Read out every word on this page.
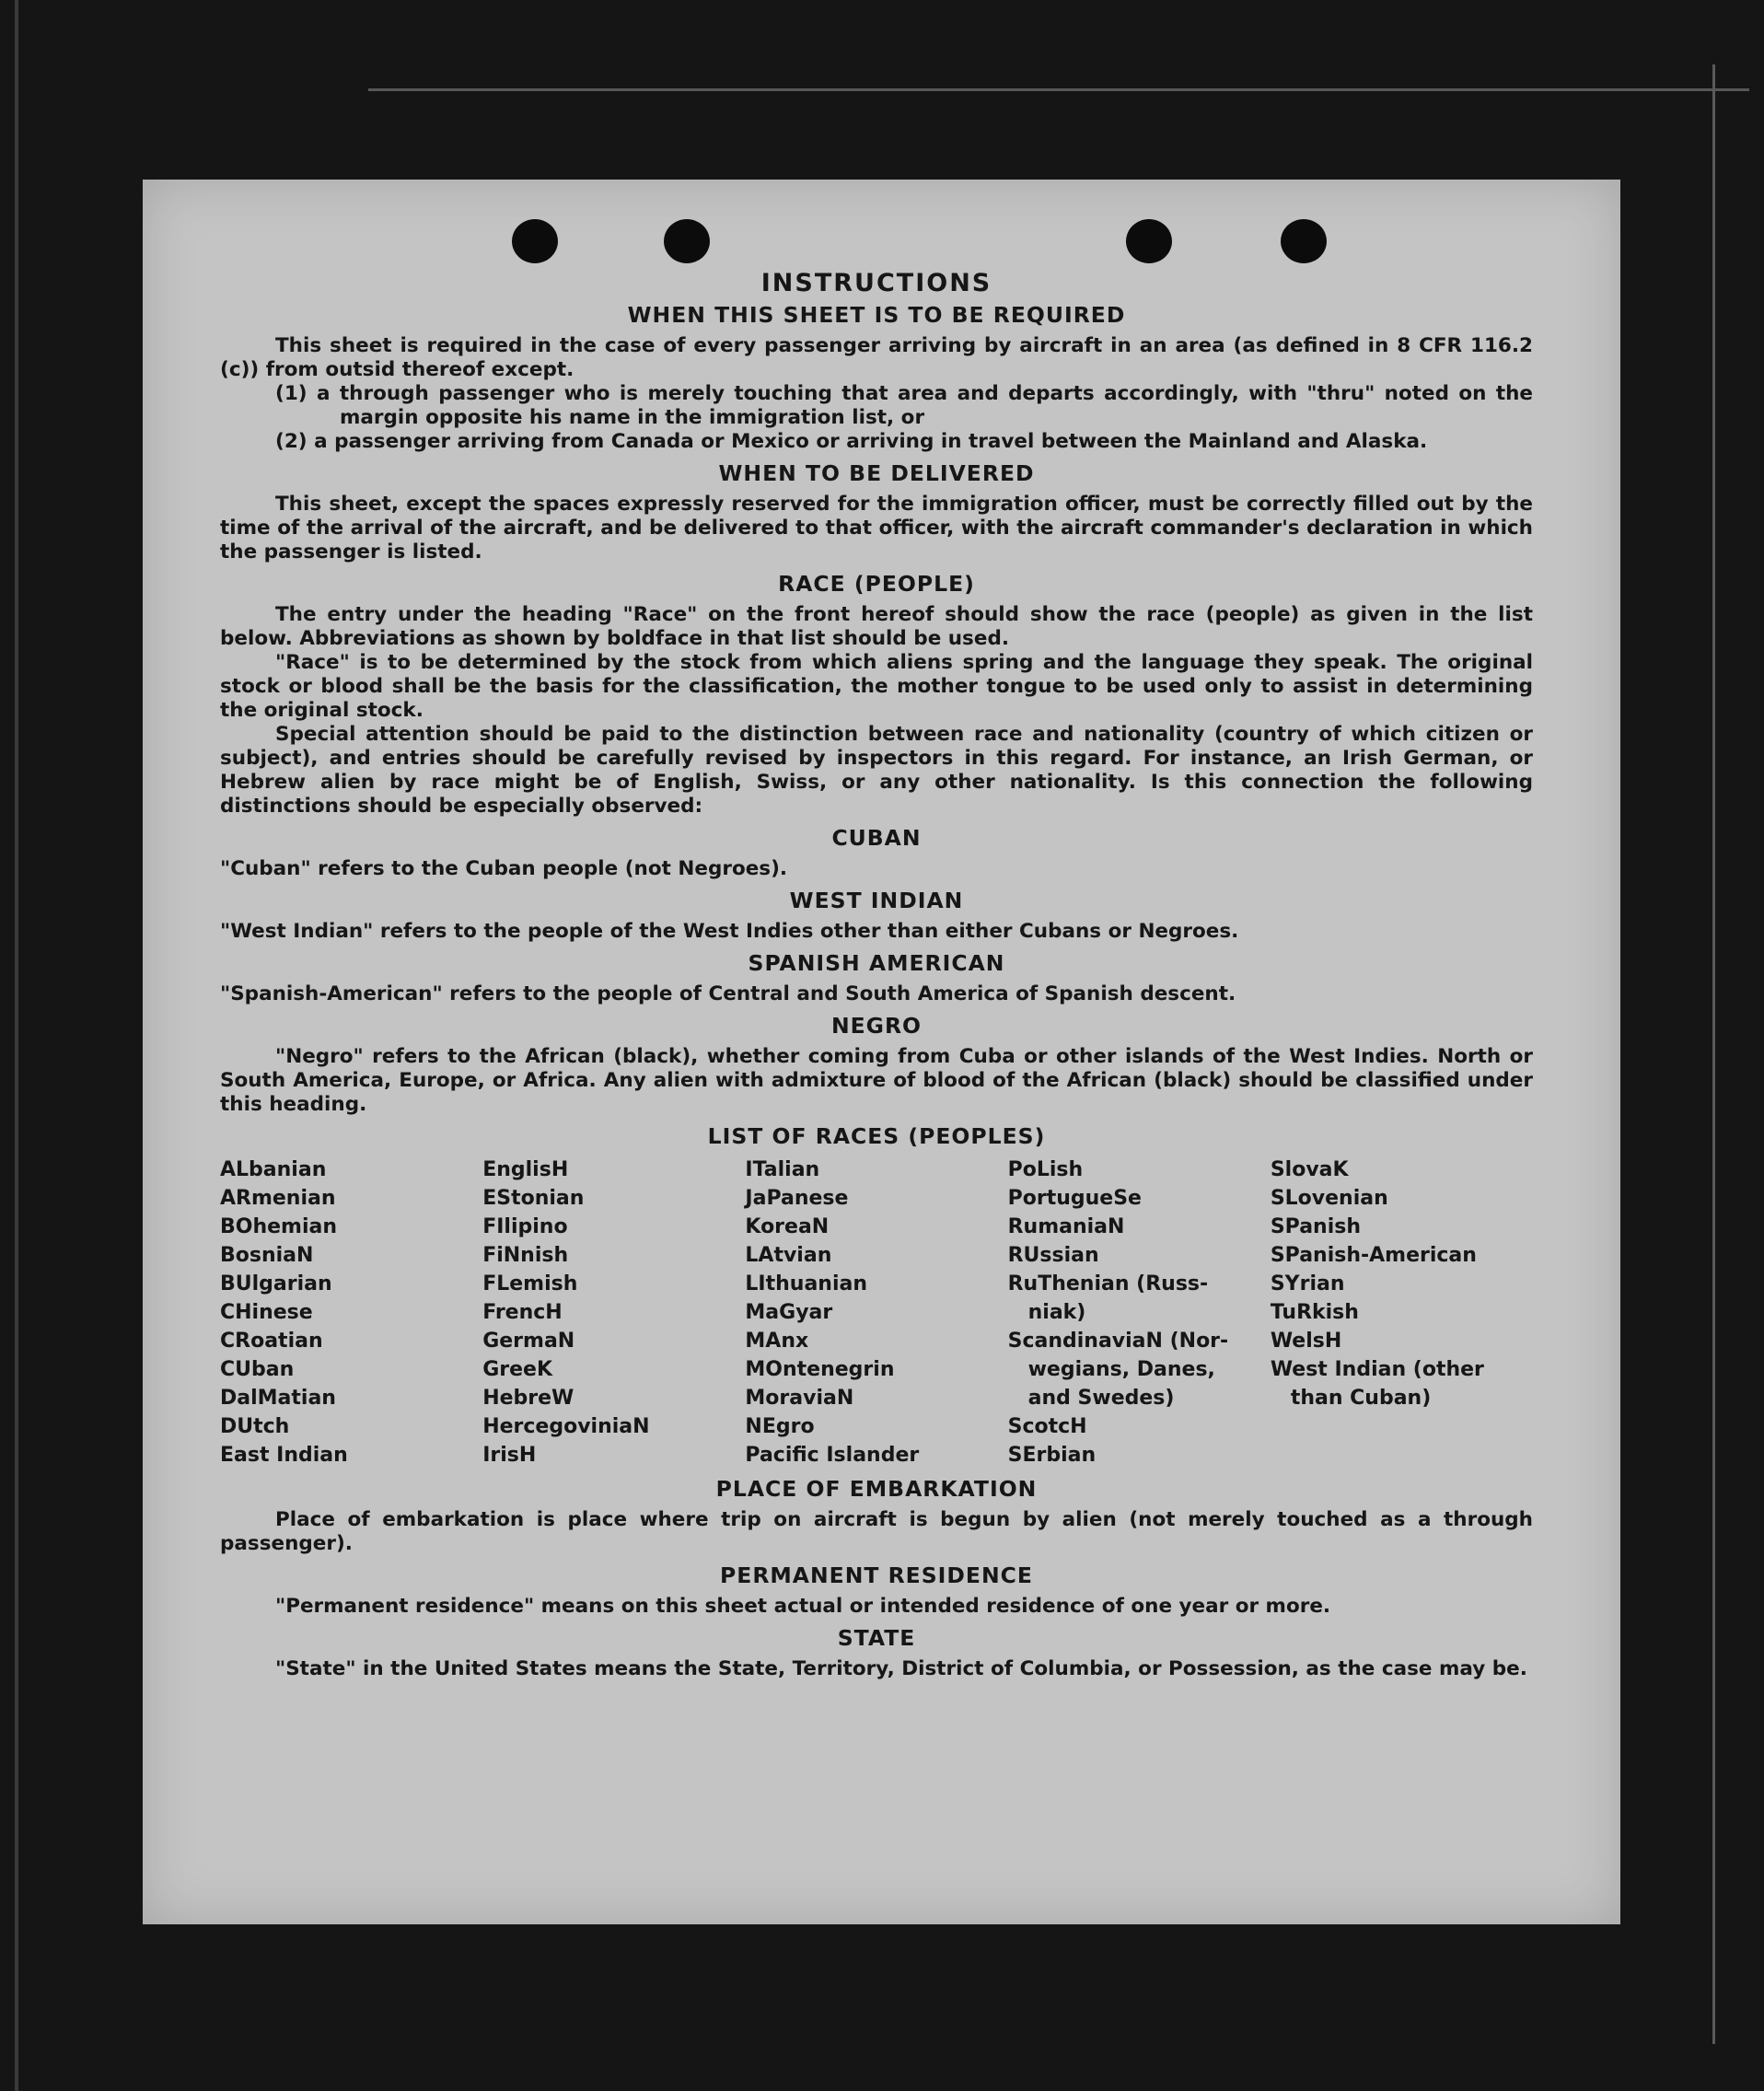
INSTRUCTIONS
WHEN THIS SHEET IS TO BE REQUIRED

This sheet is required in the case of every passenger arriving by aircraft in an area (as defined in 8 CFR 116.2 (c)) from outsid thereof except.

(1) a through passenger who is merely touching that area and departs accordingly, with "thru" noted on the margin opposite his name in the immigration list, or

(2) a passenger arriving from Canada or Mexico or arriving in travel between the Mainland and Alaska.

WHEN TO BE DELIVERED

This sheet, except the spaces expressly reserved for the immigration officer, must be correctly filled out by the time of the arrival of the aircraft, and be delivered to that officer, with the aircraft commander's declaration in which the passenger is listed.

RACE (PEOPLE)

The entry under the heading "Race" on the front hereof should show the race (people) as given in the list below. Abbreviations as shown by boldface in that list should be used.

"Race" is to be determined by the stock from which aliens spring and the language they speak. The original stock or blood shall be the basis for the classification, the mother tongue to be used only to assist in determining the original stock.

Special attention should be paid to the distinction between race and nationality (country of which citizen or subject), and entries should be carefully revised by inspectors in this regard. For instance, an Irish German, or Hebrew alien by race might be of English, Swiss, or any other nationality. Is this connection the following distinctions should be especially observed:

CUBAN

"Cuban" refers to the Cuban people (not Negroes).

WEST INDIAN

"West Indian" refers to the people of the West Indies other than either Cubans or Negroes.

SPANISH AMERICAN

"Spanish-American" refers to the people of Central and South America of Spanish descent.

NEGRO

"Negro" refers to the African (black), whether coming from Cuba or other islands of the West Indies. North or South America, Europe, or Africa. Any alien with admixture of blood of the African (black) should be classified under this heading.

LIST OF RACES (PEOPLES)
ALbanian
ARmenian
BOhemian
BosniaN
BUlgarian
CHinese
CRoatian
CUban
DalMatian
DUtch
East Indian
EnglisH
EStonian
FIlipino
FiNnish
FLemish
FrencH
GermaN
GreeK
HebreW
HercegoviniaN
IrisH
ITalian
JaPanese
KoreaN
LAtvian
LIthuanian
MaGyar
MAnx
MOntenegrin
MoraviaN
NEgro
Pacific Islander
PoLish
PortugueSe
RumaniaN
RUssian
RuThenian (Russ-
niak)
ScandinaviaN (Nor-
wegians, Danes,
and Swedes)
ScotcH
SErbian
SlovaK
SLovenian
SPanish
SPanish-American
SYrian
TuRkish
WelsH
West Indian (other
than Cuban)
PLACE OF EMBARKATION

Place of embarkation is place where trip on aircraft is begun by alien (not merely touched as a through passenger).

PERMANENT RESIDENCE

"Permanent residence" means on this sheet actual or intended residence of one year or more.

STATE

"State" in the United States means the State, Territory, District of Columbia, or Possession, as the case may be.
